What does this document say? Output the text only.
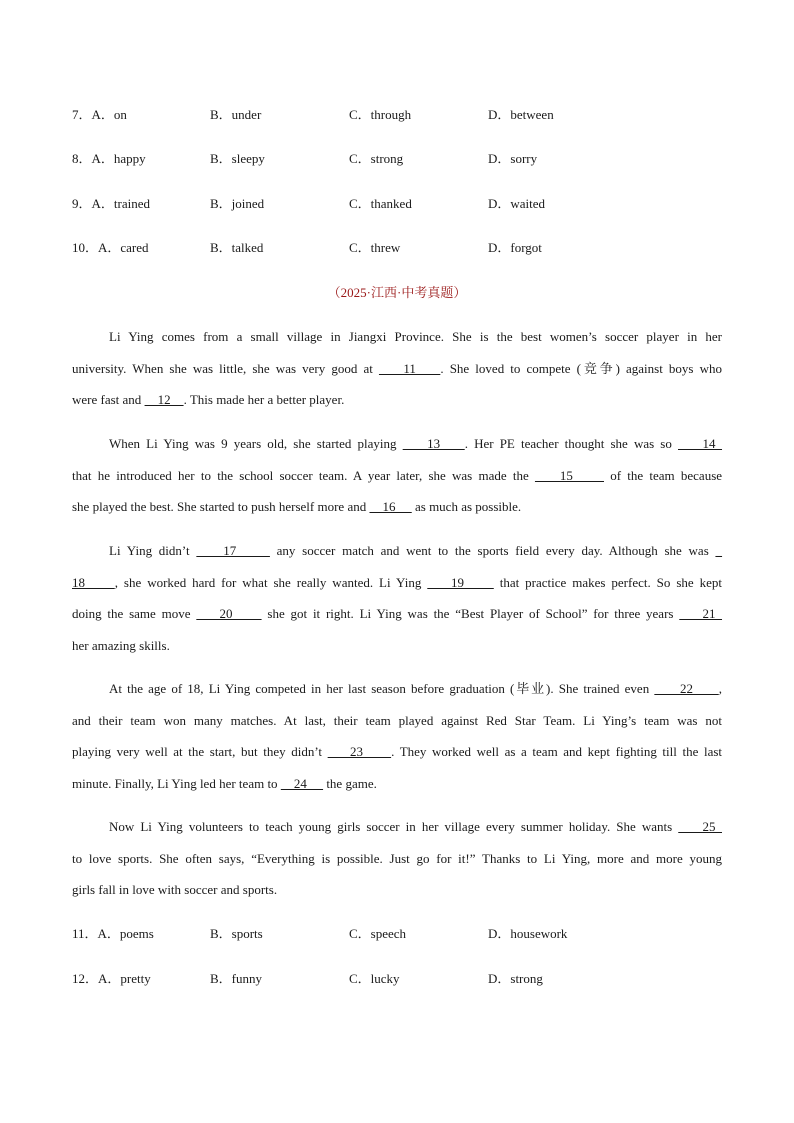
7．A．on	B．under	C．through	D．between
8．A．happy	B．sleepy	C．strong	D．sorry
9．A．trained	B．joined	C．thanked	D．waited
10．A．cared	B．talked	C．threw	D．forgot
（2025·江西·中考真题）
Li Ying comes from a small village in Jiangxi Province. She is the best women’s soccer player in her
university. When she was little, she was very good at     11    . She loved to compete (竞争) against boys who
were fast and     12    . This made her a better player.
When Li Ying was 9 years old, she started playing     13    . Her PE teacher thought she was so     14
that he introduced her to the school soccer team. A year later, she was made the     15      of the team because
she played the best. She started to push herself more and     16      as much as possible.
Li Ying didn’t     17      any soccer match and went to the sports field every day. Although she was _
18     , she worked hard for what she really wanted. Li Ying     19      that practice makes perfect. So she kept
doing the same move     20      she got it right. Li Ying was the “Best Player of School” for three years     21
her amazing skills.
At the age of 18, Li Ying competed in her last season before graduation (毕业). She trained even      22     ,
and their team won many matches. At last, their team played against Red Star Team. Li Ying’s team was not
playing very well at the start, but they didn’t     23     . They worked well as a team and kept fighting till the last
minute. Finally, Li Ying led her team to     24      the game.
Now Li Ying volunteers to teach young girls soccer in her village every summer holiday. She wants     25
to love sports. She often says, “Everything is possible. Just go for it!” Thanks to Li Ying, more and more young
girls fall in love with soccer and sports.
11．A．poems	B．sports	C．speech	D．housework
12．A．pretty	B．funny	C．lucky	D．strong
